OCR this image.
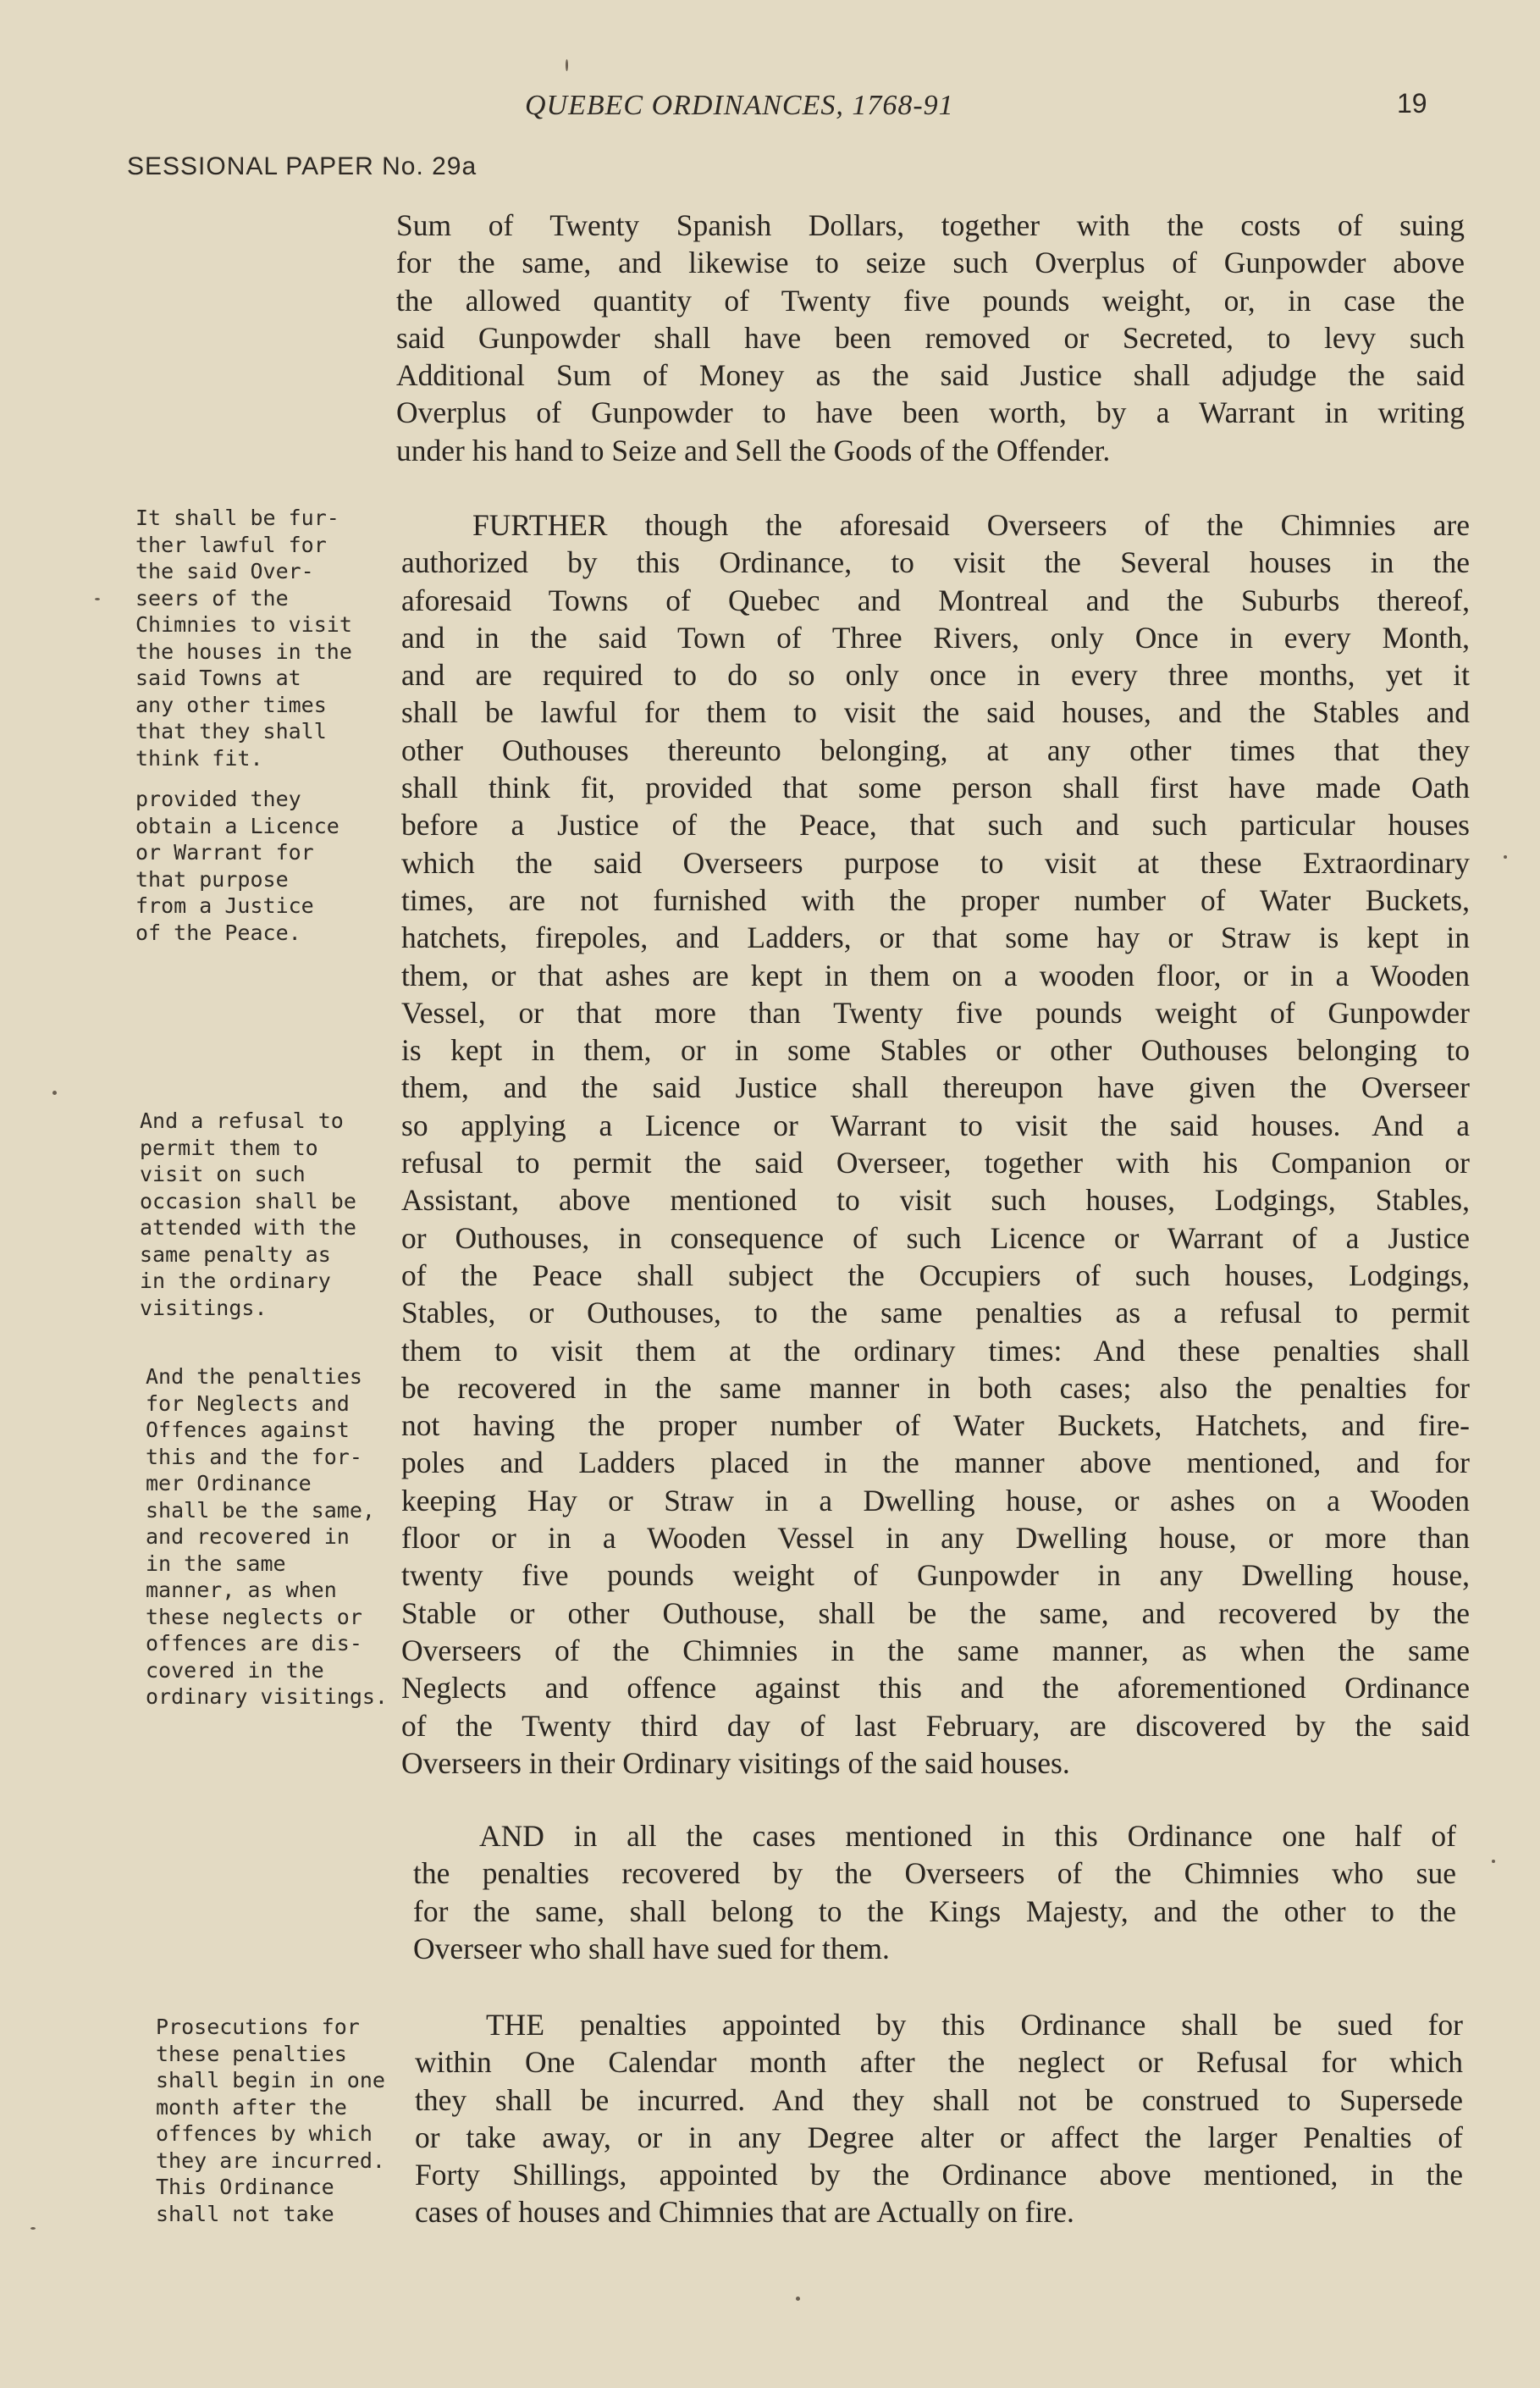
QUEBEC ORDINANCES, 1768-91	19
SESSIONAL PAPER No. 29a
Sum of Twenty Spanish Dollars, together with the costs of suing
for the same, and likewise to seize such Overplus of Gunpowder above
the allowed quantity of Twenty five pounds weight, or, in case the
said Gunpowder shall have been removed or Secreted, to levy such
Additional Sum of Money as the said Justice shall adjudge the said
Overplus of Gunpowder to have been worth, by a Warrant in writing
under his hand to Seize and Sell the Goods of the Offender.
FURTHER though the aforesaid Overseers of the Chimnies are
authorized by this Ordinance, to visit the Several houses in the
aforesaid Towns of Quebec and Montreal and the Suburbs thereof,
and in the said Town of Three Rivers, only Once in every Month,
and are required to do so only once in every three months, yet it
shall be lawful for them to visit the said houses, and the Stables and
other Outhouses thereunto belonging, at any other times that they
shall think fit, provided that some person shall first have made Oath
before a Justice of the Peace, that such and such particular houses
which the said Overseers purpose to visit at these Extraordinary
times, are not furnished with the proper number of Water Buckets,
hatchets, firepoles, and Ladders, or that some hay or Straw is kept in
them, or that ashes are kept in them on a wooden floor, or in a Wooden
Vessel, or that more than Twenty five pounds weight of Gunpowder
is kept in them, or in some Stables or other Outhouses belonging to
them, and the said Justice shall thereupon have given the Overseer
so applying a Licence or Warrant to visit the said houses. And a
refusal to permit the said Overseer, together with his Companion or
Assistant, above mentioned to visit such houses, Lodgings, Stables,
or Outhouses, in consequence of such Licence or Warrant of a Justice
of the Peace shall subject the Occupiers of such houses, Lodgings,
Stables, or Outhouses, to the same penalties as a refusal to permit
them to visit them at the ordinary times: And these penalties shall
be recovered in the same manner in both cases; also the penalties for
not having the proper number of Water Buckets, Hatchets, and fire-
poles and Ladders placed in the manner above mentioned, and for
keeping Hay or Straw in a Dwelling house, or ashes on a Wooden
floor or in a Wooden Vessel in any Dwelling house, or more than
twenty five pounds weight of Gunpowder in any Dwelling house,
Stable or other Outhouse, shall be the same, and recovered by the
Overseers of the Chimnies in the same manner, as when the same
Neglects and offence against this and the aforementioned Ordinance
of the Twenty third day of last February, are discovered by the said
Overseers in their Ordinary visitings of the said houses.
AND in all the cases mentioned in this Ordinance one half of
the penalties recovered by the Overseers of the Chimnies who sue
for the same, shall belong to the Kings Majesty, and the other to the
Overseer who shall have sued for them.
THE penalties appointed by this Ordinance shall be sued for
within One Calendar month after the neglect or Refusal for which
they shall be incurred. And they shall not be construed to Supersede
or take away, or in any Degree alter or affect the larger Penalties of
Forty Shillings, appointed by the Ordinance above mentioned, in the
cases of houses and Chimnies that are Actually on fire.
It shall be fur-
ther lawful for
the said Over-
seers of the
Chimnies to visit
the houses in the
said Towns at
any other times
that they shall
think fit.
provided they
obtain a Licence
or Warrant for
that purpose
from a Justice
of the Peace.
And a refusal to
permit them to
visit on such
occasion shall be
attended with the
same penalty as
in the ordinary
visitings.
And the penalties
for Neglects and
Offences against
this and the for-
mer Ordinance
shall be the same,
and recovered in
in the same
manner, as when
these neglects or
offences are dis-
covered in the
ordinary visitings.
Prosecutions for
these penalties
shall begin in one
month after the
offences by which
they are incurred.
This Ordinance
shall not take
